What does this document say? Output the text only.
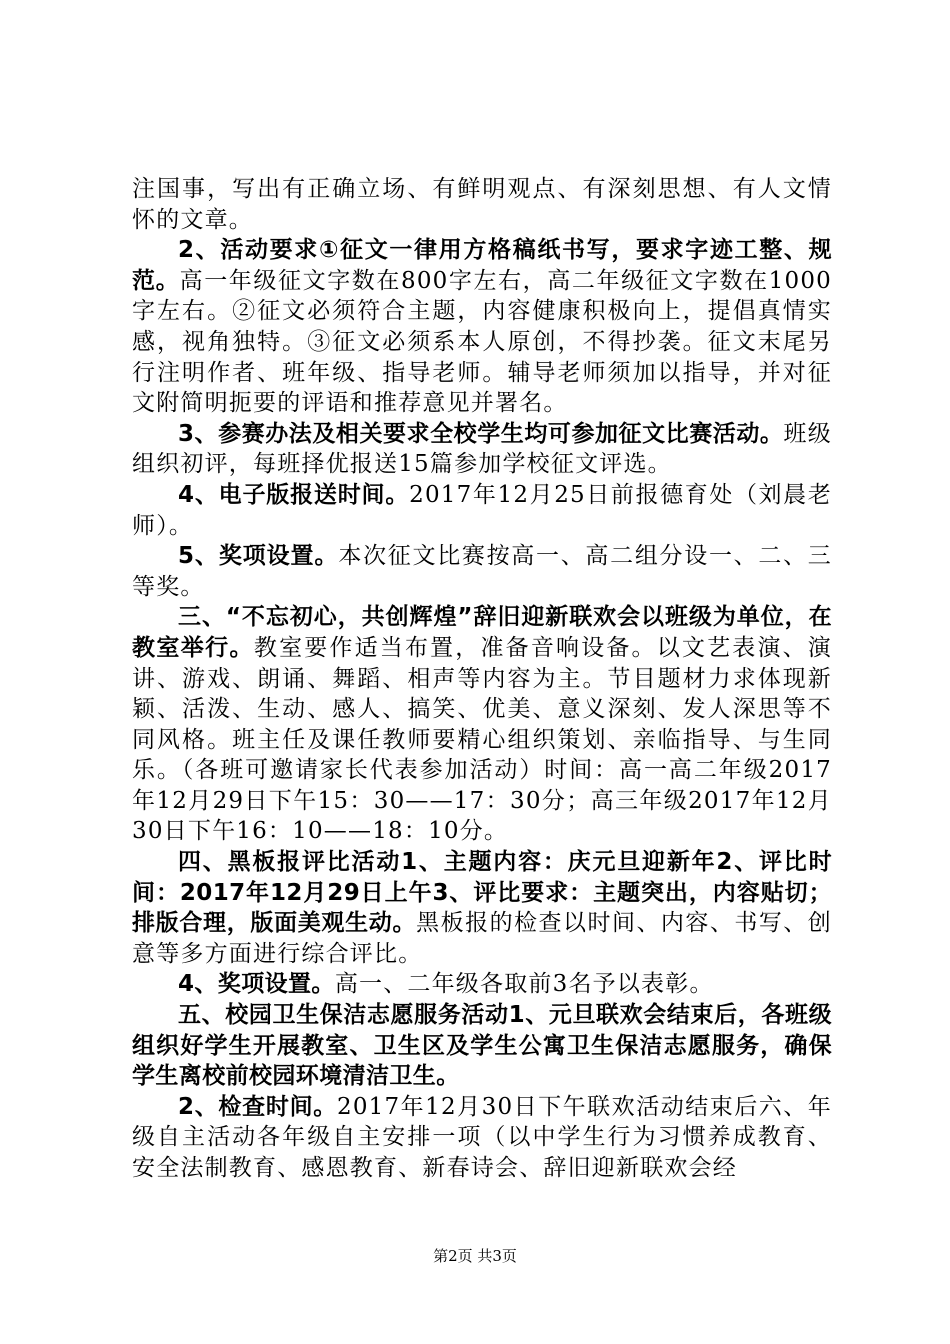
注国事，写出有正确立场、有鲜明观点、有深刻思想、有人文情怀的文章。

2、活动要求①征文一律用方格稿纸书写，要求字迹工整、规范。高一年级征文字数在800字左右，高二年级征文字数在1000字左右。②征文必须符合主题，内容健康积极向上，提倡真情实感，视角独特。③征文必须系本人原创，不得抄袭。征文末尾另行注明作者、班年级、指导老师。辅导老师须加以指导，并对征文附简明扼要的评语和推荐意见并署名。

3、参赛办法及相关要求全校学生均可参加征文比赛活动。班级组织初评，每班择优报送15篇参加学校征文评选。

4、电子版报送时间。2017年12月25日前报德育处（刘晨老师）。

5、奖项设置。本次征文比赛按高一、高二组分设一、二、三等奖。

三、“不忘初心，共创辉煌”辞旧迎新联欢会以班级为单位，在教室举行。教室要作适当布置，准备音响设备。以文艺表演、演讲、游戏、朗诵、舞蹈、相声等内容为主。节目题材力求体现新颖、活泼、生动、感人、搞笑、优美、意义深刻、发人深思等不同风格。班主任及课任教师要精心组织策划、亲临指导、与生同乐。（各班可邀请家长代表参加活动）时间：高一高二年级2017年12月29日下午15：30——17：30分；高三年级2017年12月30日下午16：10——18：10分。

四、黑板报评比活动1、主题内容：庆元旦迎新年2、评比时间：2017年12月29日上午3、评比要求：主题突出，内容贴切；排版合理，版面美观生动。黑板报的检查以时间、内容、书写、创意等多方面进行综合评比。

4、奖项设置。高一、二年级各取前3名予以表彰。

五、校园卫生保洁志愿服务活动1、元旦联欢会结束后，各班级组织好学生开展教室、卫生区及学生公寓卫生保洁志愿服务，确保学生离校前校园环境清洁卫生。

2、检查时间。2017年12月30日下午联欢活动结束后六、年级自主活动各年级自主安排一项（以中学生行为习惯养成教育、安全法制教育、感恩教育、新春诗会、辞旧迎新联欢会经

第2页 共3页
